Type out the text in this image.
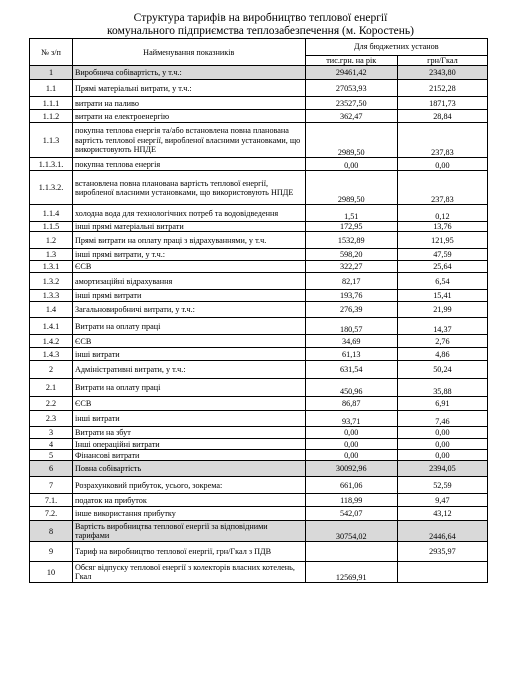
Структура тарифів на виробництво теплової енергії
комунального підприємства теплозабезпечення (м. Коростень)
№ з/п	Найменування показників	Для бюджетних установ	
		тис.грн. на рік	грн/Гкал
1	Виробнича собівартість, у т.ч.:	29461,42	2343,80
1.1	Прямі матеріальні витрати, у т.ч.:	27053,93	2152,28
1.1.1	витрати на паливо	23527,50	1871,73
1.1.2	витрати на електроенергію	362,47	28,84
1.1.3	покупна теплова енергія та/або встановлена повна планована вартість теплової енергії, виробленої власними установками, що використовують НПДЕ	2989,50	237,83
1.1.3.1.	покупна теплова енергія	0,00	0,00
1.1.3.2.	встановлена повна планована вартість теплової енергії, виробленої власними установками, що використовують НПДЕ	2989,50	237,83
1.1.4	холодна вода для технологічних потреб та водовідведення	1,51	0,12
1.1.5	інші прямі матеріальні витрати	172,95	13,76
1.2	Прямі витрати на оплату праці з відрахуваннями, у т.ч.	1532,89	121,95
1.3	інші прямі витрати, у т.ч.:	598,20	47,59
1.3.1	ЄСВ	322,27	25,64
1.3.2	амортизаційні відрахування	82,17	6,54
1.3.3	інші прямі витрати	193,76	15,41
1.4	Загальновиробничі витрати, у т.ч.:	276,39	21,99
1.4.1	Витрати на оплату праці	180,57	14,37
1.4.2	ЄСВ	34,69	2,76
1.4.3	інші витрати	61,13	4,86
2	Адміністративні витрати, у т.ч.:	631,54	50,24
2.1	Витрати на оплату праці	450,96	35,88
2.2	ЄСВ	86,87	6,91
2.3	інші витрати	93,71	7,46
3	Витрати на збут	0,00	0,00
4	Інші операційні витрати	0,00	0,00
5	Фінансові витрати	0,00	0,00
6	Повна собівартість	30092,96	2394,05
7	Розрахунковий прибуток, усього, зокрема:	661,06	52,59
7.1.	податок на прибуток	118,99	9,47
7.2.	інше використання прибутку	542,07	43,12
8	Вартість виробництва теплової енергії за відповідними тарифами	30754,02	2446,64
9	Тариф на виробництво теплової енергії, грн/Гкал з ПДВ		2935,97
10	Обсяг відпуску теплової енергії з колекторів власних котелень, Гкал	12569,91	
